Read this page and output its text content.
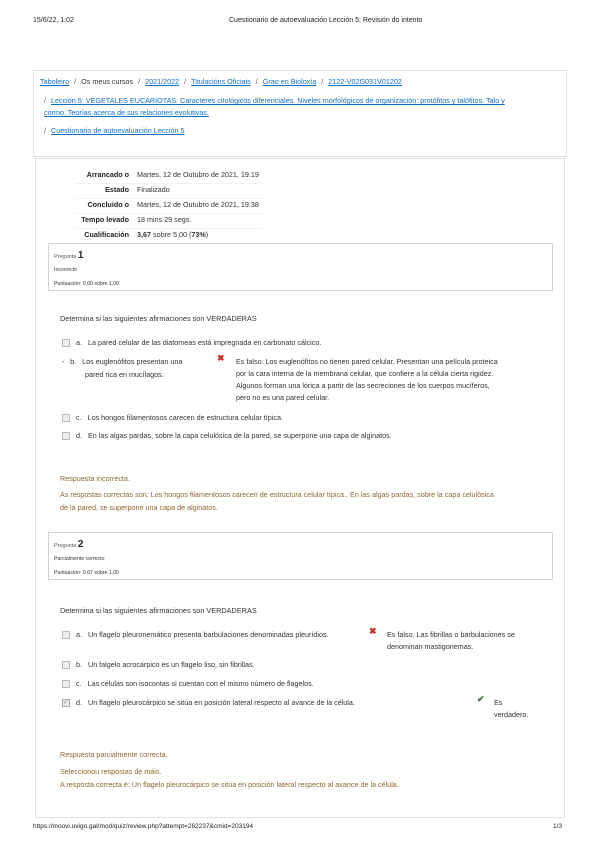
15/6/22, 1:02	Cuestionario de autoevaluación Lección 5: Revisión do intento
Taboleiro / Os meus cursos / 2021/2022 / Titulacións Oficiais / Grao en Bioloxía / 2122-V02G031V01202
/ Lección 5: VEGETALES EUCARIOTAS. Caracteres citológicos diferenciales. Niveles morfológicos de organización: protófitos y talófitos. Talo y
cormo. Teorías acerca de sus relaciones evolutivas.
/ Cuestionario de autoevaluación Lección 5
Arrancado o	Martes, 12 de Outubro de 2021, 19:19
Estado	Finalizado
Concluído o	Martes, 12 de Outubro de 2021, 19:38
Tempo levado	18 mins 29 segs.
Cualificación	3,67 sobre 5,00 (73%)
Pregunta 1
Incorrecto
Puntuación: 0,00 sobre 1,00
Determina si las siguientes afirmaciones son VERDADERAS
a. La pared celular de las diatomeas está impregnada en carbonato cálcico.
• b. Los euglenófitos presentan una
pared rica en mucílagos.
✖ Es falso. Los euglenófitos no tienen pared celular. Presentan una película proteica
por la cara interna de la membrana celular, que confiere a la célula cierta rigidez.
Algunos forman una lórica a partir de las secreciones de los cuerpos mucíferos,
pero no es una pared celular.
c. Los hongos filamentosos carecen de estructura celular típica.
d. En las algas pardas, sobre la capa celulósica de la pared, se superpone una capa de alginatos.
Respuesta incorrecta.
As respostas correctas son: Los hongos filamentosos carecen de estructura celular típica., En las algas pardas, sobre la capa celulósica
de la pared, se superpone una capa de alginatos.
Pregunta 2
Parcialmente correcto
Puntuación: 0,67 sobre 1,00
Determina si las siguientes afirmaciones son VERDADERAS
a. Un flagelo pleuronemático presenta barbulaciones denominadas pleurídios.	✖ Es falso. Las fibrillas o barbulaciones se
denominan mastigonemas.
b. Un falgelo acrocárpico es un flagelo liso, sin fibrillas.
c. Las células son isocontas si cuentan con el mismo número de flagelos.
✓d. Un flagelo pleurocárpico se sitúa en posición lateral respecto al avance de la célula.	✔ Es
verdadero.
Respuesta parcialmente correcta.
Seleccionou respostas de máis.
A resposta correcta é: Un flagelo pleurocárpico se sitúa en posición lateral respecto al avance de la célula.
https://moovi.uvigo.gal/mod/quiz/review.php?attempt=262237&cmid=203194	1/3
